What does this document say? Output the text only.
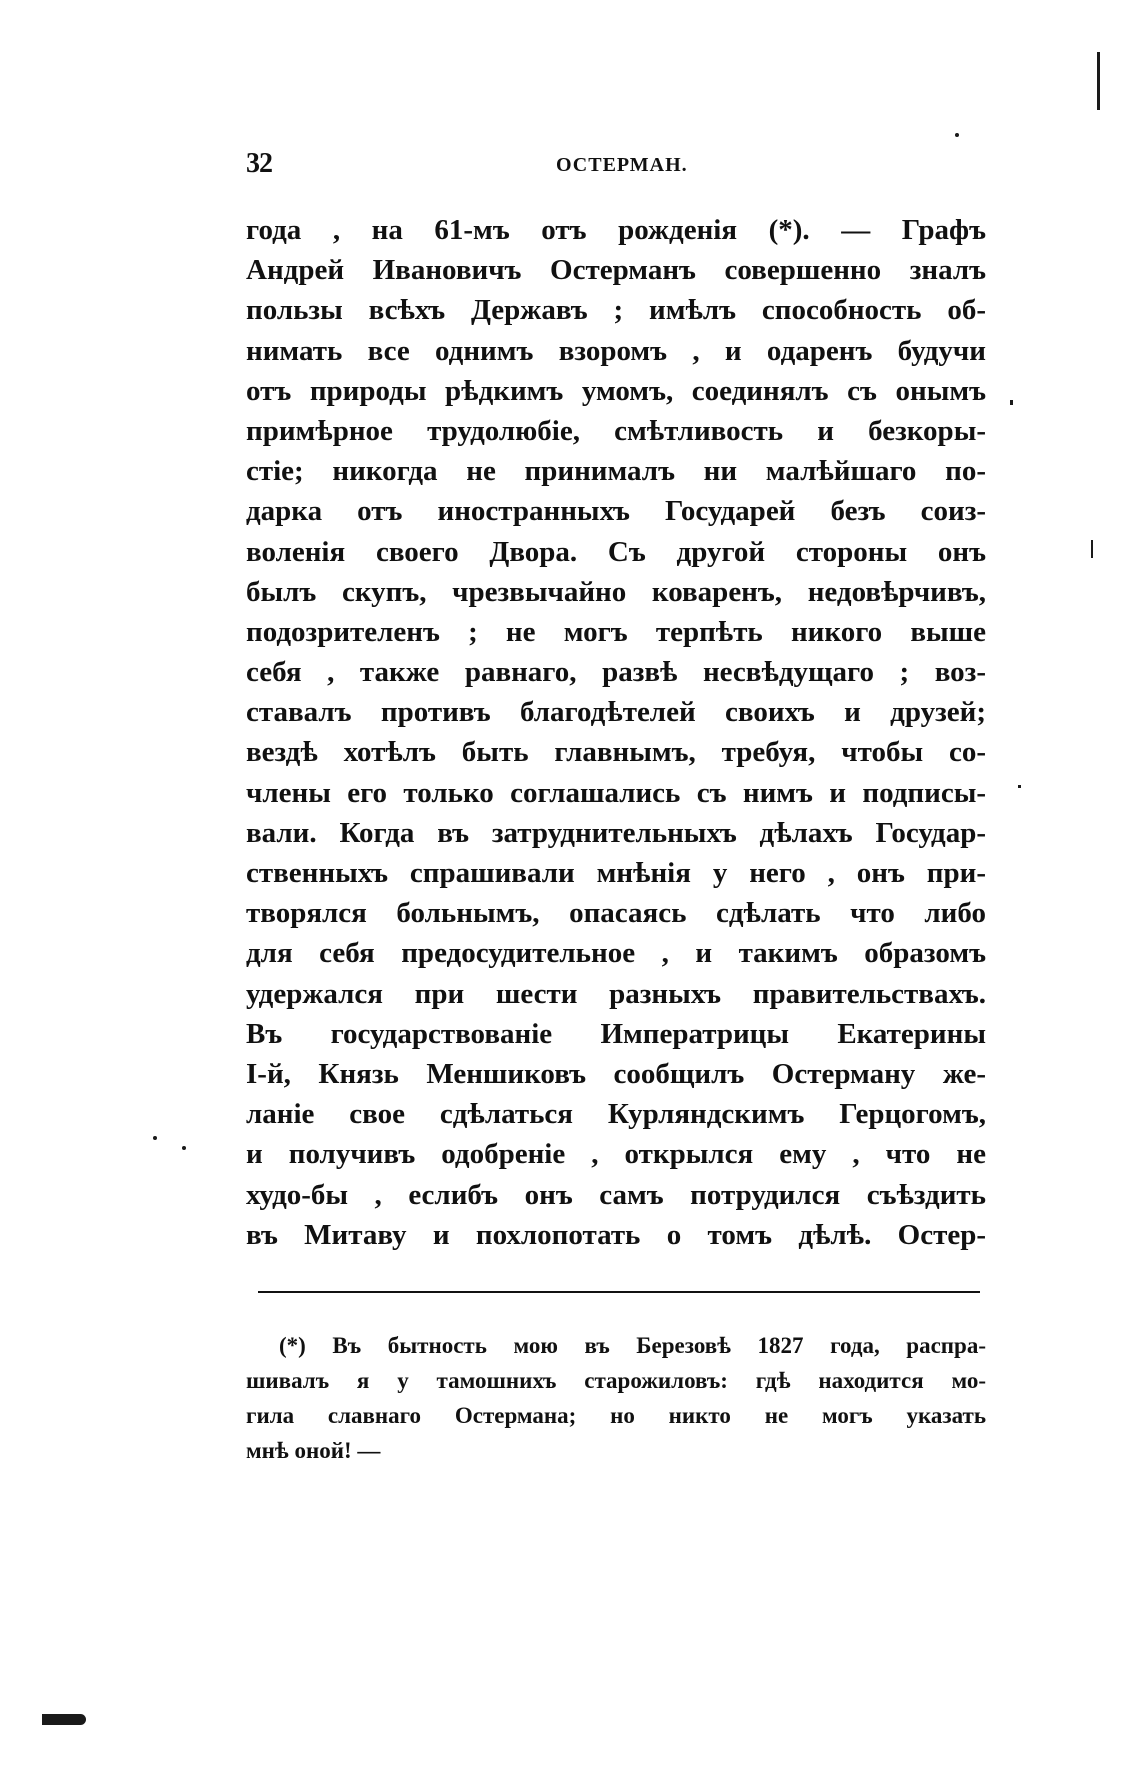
32	ОСТЕРМАН.
года , на 61-мъ отъ рожденія (*). — Графъ
Андрей Ивановичъ Остерманъ совершенно зналъ
пользы всѣхъ Державъ ; имѣлъ способность об-
нимать все однимъ взоромъ , и одаренъ будучи
отъ природы рѣдкимъ умомъ, соединялъ съ онымъ
примѣрное трудолюбіе, смѣтливость и безкоры-
стіе; никогда не принималъ ни малѣйшаго по-
дарка отъ иностранныхъ Государей безъ соиз-
воленія своего Двора. Съ другой стороны онъ
былъ скупъ, чрезвычайно коваренъ, недовѣрчивъ,
подозрителенъ ; не могъ терпѣть никого выше
себя , также равнаго, развѣ несвѣдущаго ; воз-
ставалъ противъ благодѣтелей своихъ и друзей;
вездѣ хотѣлъ быть главнымъ, требуя, чтобы со-
члены его только соглашались съ нимъ и подписы-
вали. Когда въ затруднительныхъ дѣлахъ Государ-
ственныхъ спрашивали мнѣнія у него , онъ при-
творялся больнымъ, опасаясь сдѣлать что либо
для себя предосудительное , и такимъ образомъ
удержался при шести разныхъ правительствахъ.
Въ государствованіе Императрицы Екатерины
І-й, Князь Меншиковъ сообщилъ Остерману же-
ланіе свое сдѣлаться Курляндскимъ Герцогомъ,
и получивъ одобреніе , открылся ему , что не
худо-бы , еслибъ онъ самъ потрудился съѣздить
въ Митаву и похлопотать о томъ дѣлѣ. Остер-
(*) Въ бытность мою въ Березовѣ 1827 года, распра-
шивалъ я у тамошнихъ старожиловъ: гдѣ находится мо-
гила славнаго Остермана; но никто не могъ указать
мнѣ оной! —
